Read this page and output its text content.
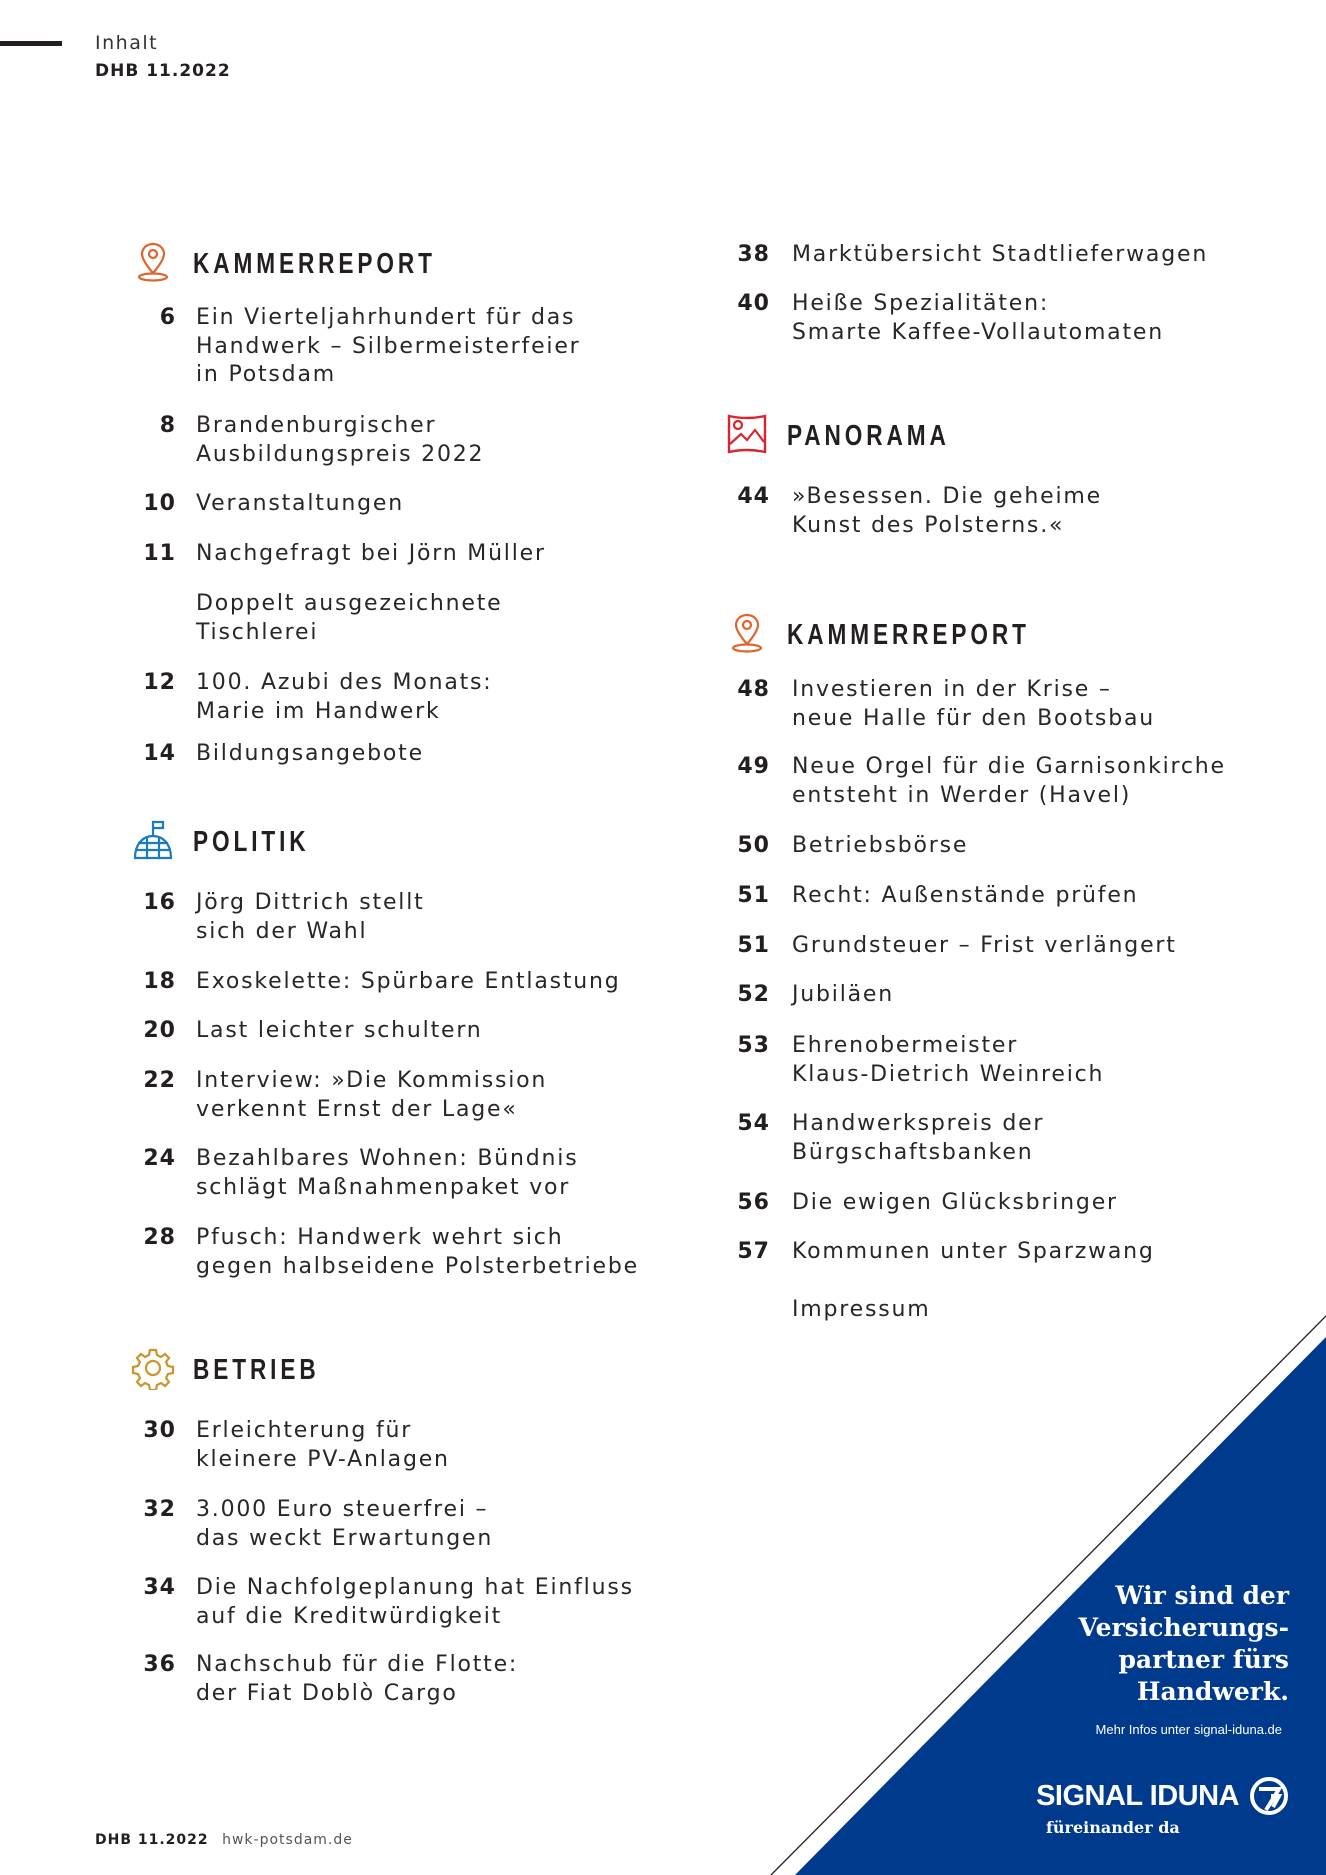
Inhalt
DHB 11.2022
KAMMERREPORT
6 Ein Vierteljahrhundert für das
Handwerk – Silbermeisterfeier
in Potsdam
8 Brandenburgischer
Ausbildungspreis 2022
10 Veranstaltungen
11 Nachgefragt bei Jörn Müller
Doppelt ausgezeichnete
Tischlerei
12 100. Azubi des Monats:
Marie im Handwerk
14 Bildungsangebote
POLITIK
16 Jörg Dittrich stellt
sich der Wahl
18 Exoskelette: Spürbare Entlastung
20 Last leichter schultern
22 Interview: »Die Kommission
verkennt Ernst der Lage«
24 Bezahlbares Wohnen: Bündnis
schlägt Maßnahmenpaket vor
28 Pfusch: Handwerk wehrt sich
gegen halbseidene Polsterbetriebe
BETRIEB
30 Erleichterung für
kleinere PV-Anlagen
32 3.000 Euro steuerfrei –
das weckt Erwartungen
34 Die Nachfolgeplanung hat Einfluss
auf die Kreditwürdigkeit
36 Nachschub für die Flotte:
der Fiat Doblò Cargo
38 Marktübersicht Stadtlieferwagen
40 Heiße Spezialitäten:
Smarte Kaffee-Vollautomaten
PANORAMA
44 »Besessen. Die geheime
Kunst des Polsterns.«
KAMMERREPORT
48 Investieren in der Krise –
neue Halle für den Bootsbau
49 Neue Orgel für die Garnisonkirche
entsteht in Werder (Havel)
50 Betriebsbörse
51 Recht: Außenstände prüfen
51 Grundsteuer – Frist verlängert
52 Jubiläen
53 Ehrenobermeister
Klaus-Dietrich Weinreich
54 Handwerkspreis der
Bürgschaftsbanken
56 Die ewigen Glücksbringer
57 Kommunen unter Sparzwang
Impressum
Wir sind der
Versicherungs-
partner fürs
Handwerk.
Mehr Infos unter signal-iduna.de
SIGNAL IDUNA
füreinander da
DHB 11.2022 hwk-potsdam.de
